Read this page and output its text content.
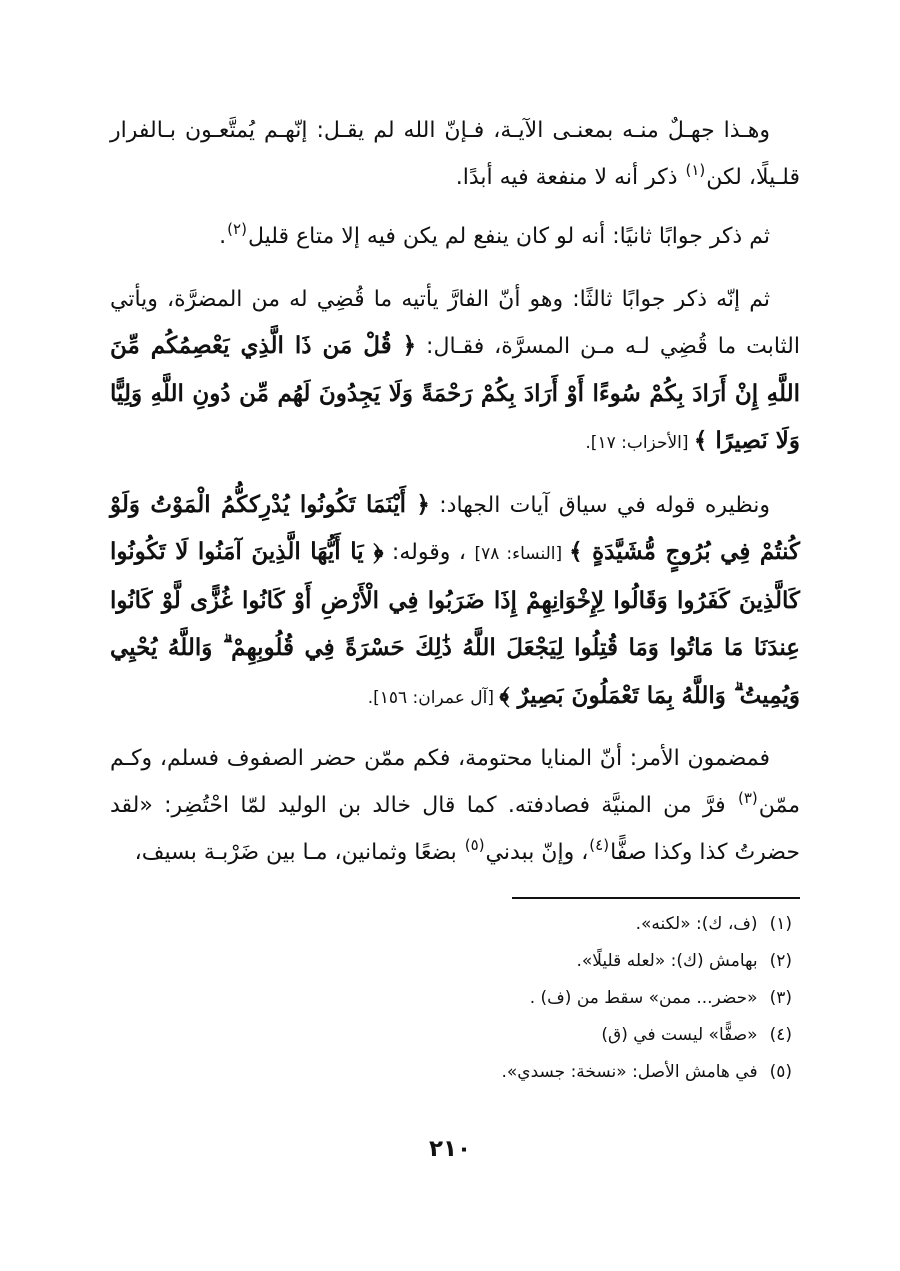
وهـذا جهـلٌ منـه بمعنـى الآيـة، فـإنّ الله لم يقـل: إنّهـم يُمتَّعـون بـالفرار قلـيلًا، لكن$^{(١)}$ ذكر أنه لا منفعة فيه أبدًا.

ثم ذكر جوابًا ثانيًا: أنه لو كان ينفع لم يكن فيه إلا متاع قليل$^{(٢)}$.

ثم إنّه ذكر جوابًا ثالثًا: وهو أنّ الفارَّ يأتيه ما قُضِي له من المضرَّة، ويأتي الثابت ما قُضِي لـه مـن المسرَّة، فقـال: ﴿ قُلْ مَن ذَا الَّذِي يَعْصِمُكُم مِّنَ اللَّهِ إِنْ أَرَادَ بِكُمْ سُوءًا أَوْ أَرَادَ بِكُمْ رَحْمَةً وَلَا يَجِدُونَ لَهُم مِّن دُونِ اللَّهِ وَلِيًّا وَلَا نَصِيرًا ﴾ [الأحزاب: ١٧].

ونظيره قوله في سياق آيات الجهاد: ﴿ أَيْنَمَا تَكُونُوا يُدْرِككُّمُ الْمَوْتُ وَلَوْ كُنتُمْ فِي بُرُوجٍ مُّشَيَّدَةٍ ﴾ [النساء: ٧٨] ، وقوله: ﴿ يَا أَيُّهَا الَّذِينَ آمَنُوا لَا تَكُونُوا كَالَّذِينَ كَفَرُوا وَقَالُوا لِإِخْوَانِهِمْ إِذَا ضَرَبُوا فِي الْأَرْضِ أَوْ كَانُوا غُزًّى لَّوْ كَانُوا عِندَنَا مَا مَاتُوا وَمَا قُتِلُوا لِيَجْعَلَ اللَّهُ ذَٰلِكَ حَسْرَةً فِي قُلُوبِهِمْ ۗ وَاللَّهُ يُحْيِي وَيُمِيتُ ۗ وَاللَّهُ بِمَا تَعْمَلُونَ بَصِيرٌ ﴾ [آل عمران: ١٥٦].

فمضمون الأمر: أنّ المنايا محتومة، فكم ممّن حضر الصفوف فسلم، وكـم ممّن$^{(٣)}$ فرَّ من المنيَّة فصادفته. كما قال خالد بن الوليد لمّا احْتُضِر: «لقد حضرتُ كذا وكذا صفًّا$^{(٤)}$، وإنّ ببدني$^{(٥)}$ بضعًا وثمانين، مـا بين ضَرْبـة بسيف،

(١)(ف، ك): «لكنه».
(٢)بهامش (ك): «لعله قليلًا».
(٣)«حضر... ممن» سقط من (ف) .
(٤)«صفًّا» ليست في (ق)
(٥)في هامش الأصل: «نسخة: جسدي».
٢١٠
